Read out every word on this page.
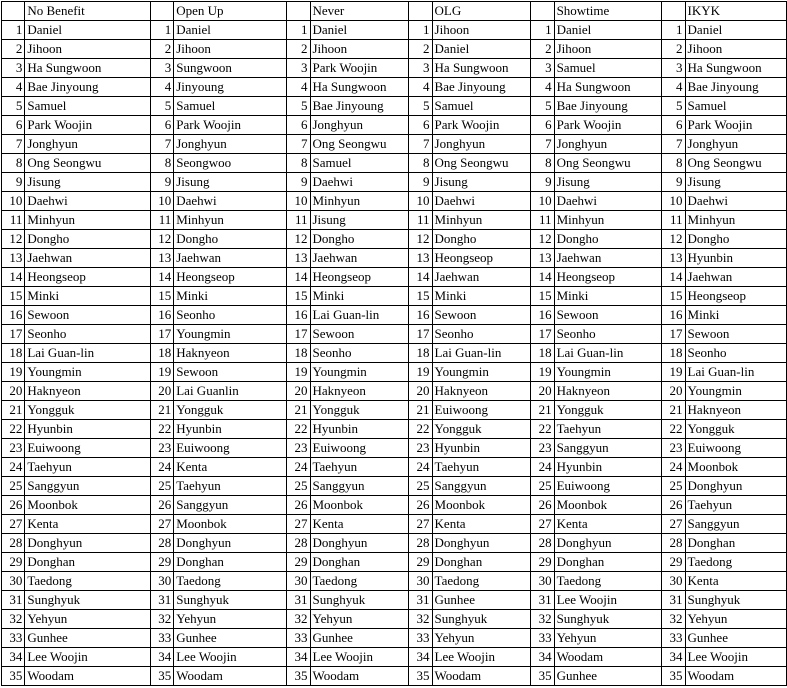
	No Benefit		Open Up		Never		OLG		Showtime		IKYK
1	Daniel	1	Daniel	1	Daniel	1	Jihoon	1	Daniel	1	Daniel
2	Jihoon	2	Jihoon	2	Jihoon	2	Daniel	2	Jihoon	2	Jihoon
3	Ha Sungwoon	3	Sungwoon	3	Park Woojin	3	Ha Sungwoon	3	Samuel	3	Ha Sungwoon
4	Bae Jinyoung	4	Jinyoung	4	Ha Sungwoon	4	Bae Jinyoung	4	Ha Sungwoon	4	Bae Jinyoung
5	Samuel	5	Samuel	5	Bae Jinyoung	5	Samuel	5	Bae Jinyoung	5	Samuel
6	Park Woojin	6	Park Woojin	6	Jonghyun	6	Park Woojin	6	Park Woojin	6	Park Woojin
7	Jonghyun	7	Jonghyun	7	Ong Seongwu	7	Jonghyun	7	Jonghyun	7	Jonghyun
8	Ong Seongwu	8	Seongwoo	8	Samuel	8	Ong Seongwu	8	Ong Seongwu	8	Ong Seongwu
9	Jisung	9	Jisung	9	Daehwi	9	Jisung	9	Jisung	9	Jisung
10	Daehwi	10	Daehwi	10	Minhyun	10	Daehwi	10	Daehwi	10	Daehwi
11	Minhyun	11	Minhyun	11	Jisung	11	Minhyun	11	Minhyun	11	Minhyun
12	Dongho	12	Dongho	12	Dongho	12	Dongho	12	Dongho	12	Dongho
13	Jaehwan	13	Jaehwan	13	Jaehwan	13	Heongseop	13	Jaehwan	13	Hyunbin
14	Heongseop	14	Heongseop	14	Heongseop	14	Jaehwan	14	Heongseop	14	Jaehwan
15	Minki	15	Minki	15	Minki	15	Minki	15	Minki	15	Heongseop
16	Sewoon	16	Seonho	16	Lai Guan-lin	16	Sewoon	16	Sewoon	16	Minki
17	Seonho	17	Youngmin	17	Sewoon	17	Seonho	17	Seonho	17	Sewoon
18	Lai Guan-lin	18	Haknyeon	18	Seonho	18	Lai Guan-lin	18	Lai Guan-lin	18	Seonho
19	Youngmin	19	Sewoon	19	Youngmin	19	Youngmin	19	Youngmin	19	Lai Guan-lin
20	Haknyeon	20	Lai Guanlin	20	Haknyeon	20	Haknyeon	20	Haknyeon	20	Youngmin
21	Yongguk	21	Yongguk	21	Yongguk	21	Euiwoong	21	Yongguk	21	Haknyeon
22	Hyunbin	22	Hyunbin	22	Hyunbin	22	Yongguk	22	Taehyun	22	Yongguk
23	Euiwoong	23	Euiwoong	23	Euiwoong	23	Hyunbin	23	Sanggyun	23	Euiwoong
24	Taehyun	24	Kenta	24	Taehyun	24	Taehyun	24	Hyunbin	24	Moonbok
25	Sanggyun	25	Taehyun	25	Sanggyun	25	Sanggyun	25	Euiwoong	25	Donghyun
26	Moonbok	26	Sanggyun	26	Moonbok	26	Moonbok	26	Moonbok	26	Taehyun
27	Kenta	27	Moonbok	27	Kenta	27	Kenta	27	Kenta	27	Sanggyun
28	Donghyun	28	Donghyun	28	Donghyun	28	Donghyun	28	Donghyun	28	Donghan
29	Donghan	29	Donghan	29	Donghan	29	Donghan	29	Donghan	29	Taedong
30	Taedong	30	Taedong	30	Taedong	30	Taedong	30	Taedong	30	Kenta
31	Sunghyuk	31	Sunghyuk	31	Sunghyuk	31	Gunhee	31	Lee Woojin	31	Sunghyuk
32	Yehyun	32	Yehyun	32	Yehyun	32	Sunghyuk	32	Sunghyuk	32	Yehyun
33	Gunhee	33	Gunhee	33	Gunhee	33	Yehyun	33	Yehyun	33	Gunhee
34	Lee Woojin	34	Lee Woojin	34	Lee Woojin	34	Lee Woojin	34	Woodam	34	Lee Woojin
35	Woodam	35	Woodam	35	Woodam	35	Woodam	35	Gunhee	35	Woodam
